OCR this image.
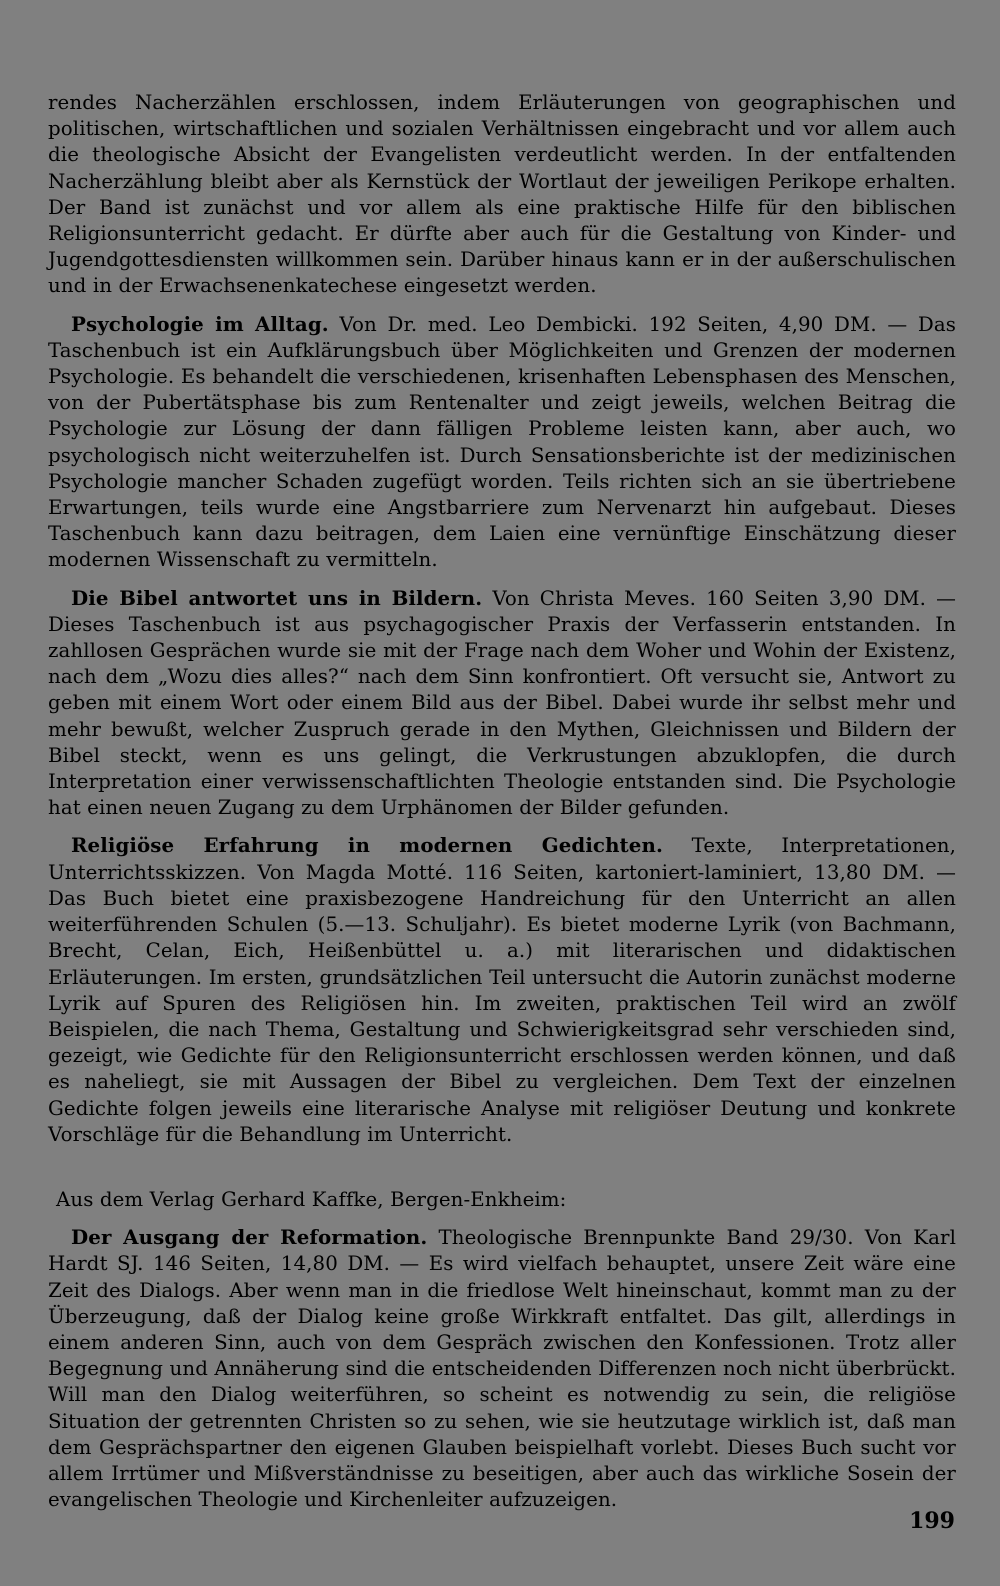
rendes Nacherzählen erschlossen, indem Erläuterungen von geographischen und politischen, wirtschaftlichen und sozialen Verhältnissen eingebracht und vor allem auch die theologische Absicht der Evangelisten verdeutlicht werden. In der entfaltenden Nacherzählung bleibt aber als Kernstück der Wortlaut der jeweiligen Perikope erhalten. Der Band ist zunächst und vor allem als eine praktische Hilfe für den biblischen Religionsunterricht gedacht. Er dürfte aber auch für die Gestaltung von Kinder- und Jugendgottesdiensten willkommen sein. Darüber hinaus kann er in der außerschulischen und in der Erwachsenenkatechese eingesetzt werden.

Psychologie im Alltag. Von Dr. med. Leo Dembicki. 192 Seiten, 4,90 DM. — Das Taschenbuch ist ein Aufklärungsbuch über Möglichkeiten und Grenzen der modernen Psychologie. Es behandelt die verschiedenen, krisenhaften Lebensphasen des Menschen, von der Pubertätsphase bis zum Rentenalter und zeigt jeweils, welchen Beitrag die Psychologie zur Lösung der dann fälligen Probleme leisten kann, aber auch, wo psychologisch nicht weiterzuhelfen ist. Durch Sensationsberichte ist der medizinischen Psychologie mancher Schaden zugefügt worden. Teils richten sich an sie übertriebene Erwartungen, teils wurde eine Angstbarriere zum Nervenarzt hin aufgebaut. Dieses Taschenbuch kann dazu beitragen, dem Laien eine vernünftige Einschätzung dieser modernen Wissenschaft zu vermitteln.

Die Bibel antwortet uns in Bildern. Von Christa Meves. 160 Seiten 3,90 DM. — Dieses Taschenbuch ist aus psychagogischer Praxis der Verfasserin entstanden. In zahllosen Gesprächen wurde sie mit der Frage nach dem Woher und Wohin der Existenz, nach dem „Wozu dies alles?“ nach dem Sinn konfrontiert. Oft versucht sie, Antwort zu geben mit einem Wort oder einem Bild aus der Bibel. Dabei wurde ihr selbst mehr und mehr bewußt, welcher Zuspruch gerade in den Mythen, Gleichnissen und Bildern der Bibel steckt, wenn es uns gelingt, die Verkrustungen abzuklopfen, die durch Interpretation einer verwissenschaftlichten Theologie entstanden sind. Die Psychologie hat einen neuen Zugang zu dem Urphänomen der Bilder gefunden.

Religiöse Erfahrung in modernen Gedichten. Texte, Interpretationen, Unterrichtsskizzen. Von Magda Motté. 116 Seiten, kartoniert-laminiert, 13,80 DM. — Das Buch bietet eine praxisbezogene Handreichung für den Unterricht an allen weiterführenden Schulen (5.—13. Schuljahr). Es bietet moderne Lyrik (von Bachmann, Brecht, Celan, Eich, Heißenbüttel u. a.) mit literarischen und didaktischen Erläuterungen. Im ersten, grundsätzlichen Teil untersucht die Autorin zunächst moderne Lyrik auf Spuren des Religiösen hin. Im zweiten, praktischen Teil wird an zwölf Beispielen, die nach Thema, Gestaltung und Schwierigkeitsgrad sehr verschieden sind, gezeigt, wie Gedichte für den Religionsunterricht erschlossen werden können, und daß es naheliegt, sie mit Aussagen der Bibel zu vergleichen. Dem Text der einzelnen Gedichte folgen jeweils eine literarische Analyse mit religiöser Deutung und konkrete Vorschläge für die Behandlung im Unterricht.

Aus dem Verlag Gerhard Kaffke, Bergen-Enkheim:

Der Ausgang der Reformation. Theologische Brennpunkte Band 29/30. Von Karl Hardt SJ. 146 Seiten, 14,80 DM. — Es wird vielfach behauptet, unsere Zeit wäre eine Zeit des Dialogs. Aber wenn man in die friedlose Welt hineinschaut, kommt man zu der Überzeugung, daß der Dialog keine große Wirkkraft entfaltet. Das gilt, allerdings in einem anderen Sinn, auch von dem Gespräch zwischen den Konfessionen. Trotz aller Begegnung und Annäherung sind die entscheidenden Differenzen noch nicht überbrückt. Will man den Dialog weiterführen, so scheint es notwendig zu sein, die religiöse Situation der getrennten Christen so zu sehen, wie sie heutzutage wirklich ist, daß man dem Gesprächspartner den eigenen Glauben beispielhaft vorlebt. Dieses Buch sucht vor allem Irrtümer und Mißverständnisse zu beseitigen, aber auch das wirkliche Sosein der evangelischen Theologie und Kirchenleiter aufzuzeigen.

199
